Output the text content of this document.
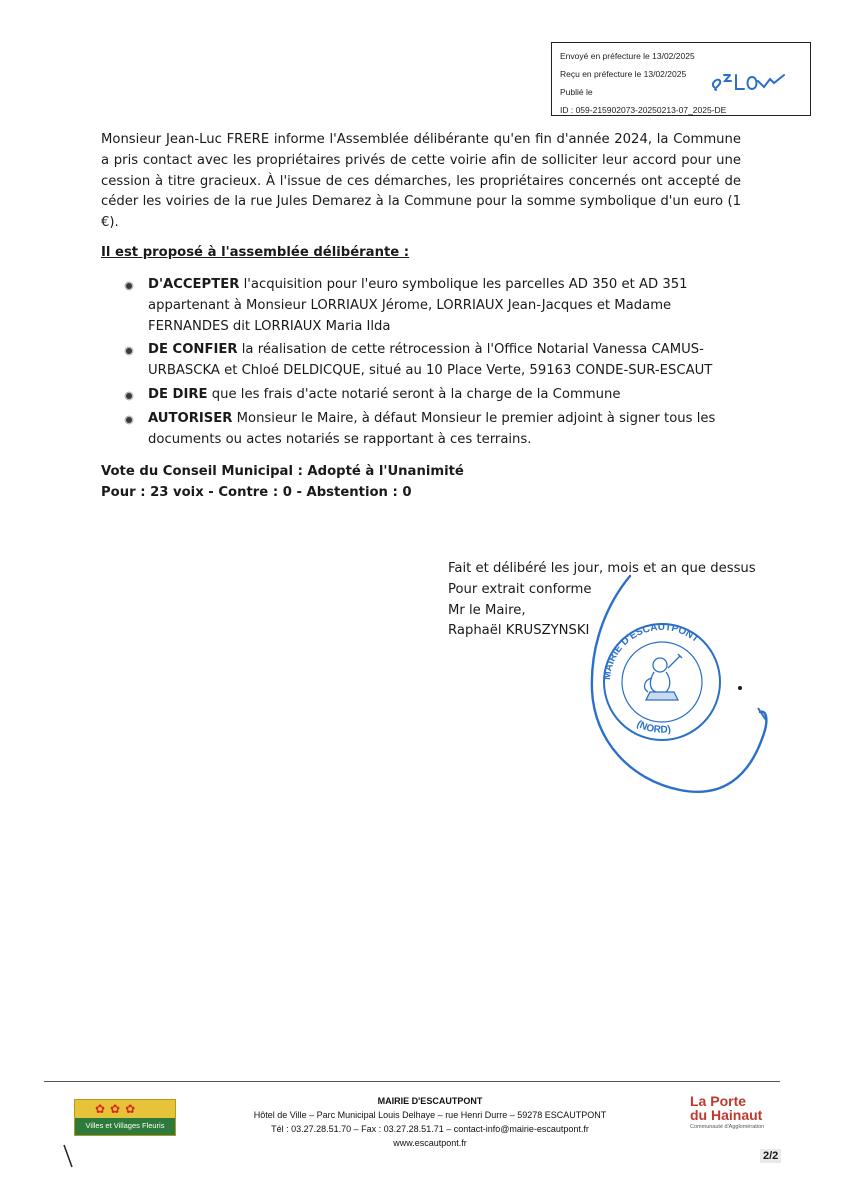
Envoyé en préfecture le 13/02/2025
Reçu en préfecture le 13/02/2025
Publié le
ID : 059-215902073-20250213-07_2025-DE
Monsieur Jean-Luc FRERE informe l'Assemblée délibérante qu'en fin d'année 2024, la Commune a pris contact avec les propriétaires privés de cette voirie afin de solliciter leur accord pour une cession à titre gracieux. À l'issue de ces démarches, les propriétaires concernés ont accepté de céder les voiries de la rue Jules Demarez à la Commune pour la somme symbolique d'un euro (1 €).
Il est proposé à l'assemblée délibérante :
D'ACCEPTER l'acquisition pour l'euro symbolique les parcelles AD 350 et AD 351 appartenant à Monsieur LORRIAUX Jérome, LORRIAUX Jean-Jacques et Madame FERNANDES dit LORRIAUX Maria Ilda
DE CONFIER la réalisation de cette rétrocession à l'Office Notarial Vanessa CAMUS-URBASCKA et Chloé DELDICQUE, situé au 10 Place Verte, 59163 CONDE-SUR-ESCAUT
DE DIRE que les frais d'acte notarié seront à la charge de la Commune
AUTORISER Monsieur le Maire, à défaut Monsieur le premier adjoint à signer tous les documents ou actes notariés se rapportant à ces terrains.
Vote du Conseil Municipal : Adopté à l'Unanimité
Pour : 23 voix - Contre : 0 - Abstention : 0
Fait et délibéré les jour, mois et an que dessus
Pour extrait conforme
Mr le Maire,
Raphaël KRUSZYNSKI
MAIRIE D'ESCAUTPONT
(NORD)
✿✿✿
Villes et Villages Fleuris
MAIRIE D'ESCAUTPONT
Hôtel de Ville – Parc Municipal Louis Delhaye – rue Henri Durre – 59278 ESCAUTPONT
Tél : 03.27.28.51.70 – Fax : 03.27.28.51.71 – contact-info@mairie-escautpont.fr
www.escautpont.fr
La Porte
du Hainaut
Communauté d'Agglomération
2/2
